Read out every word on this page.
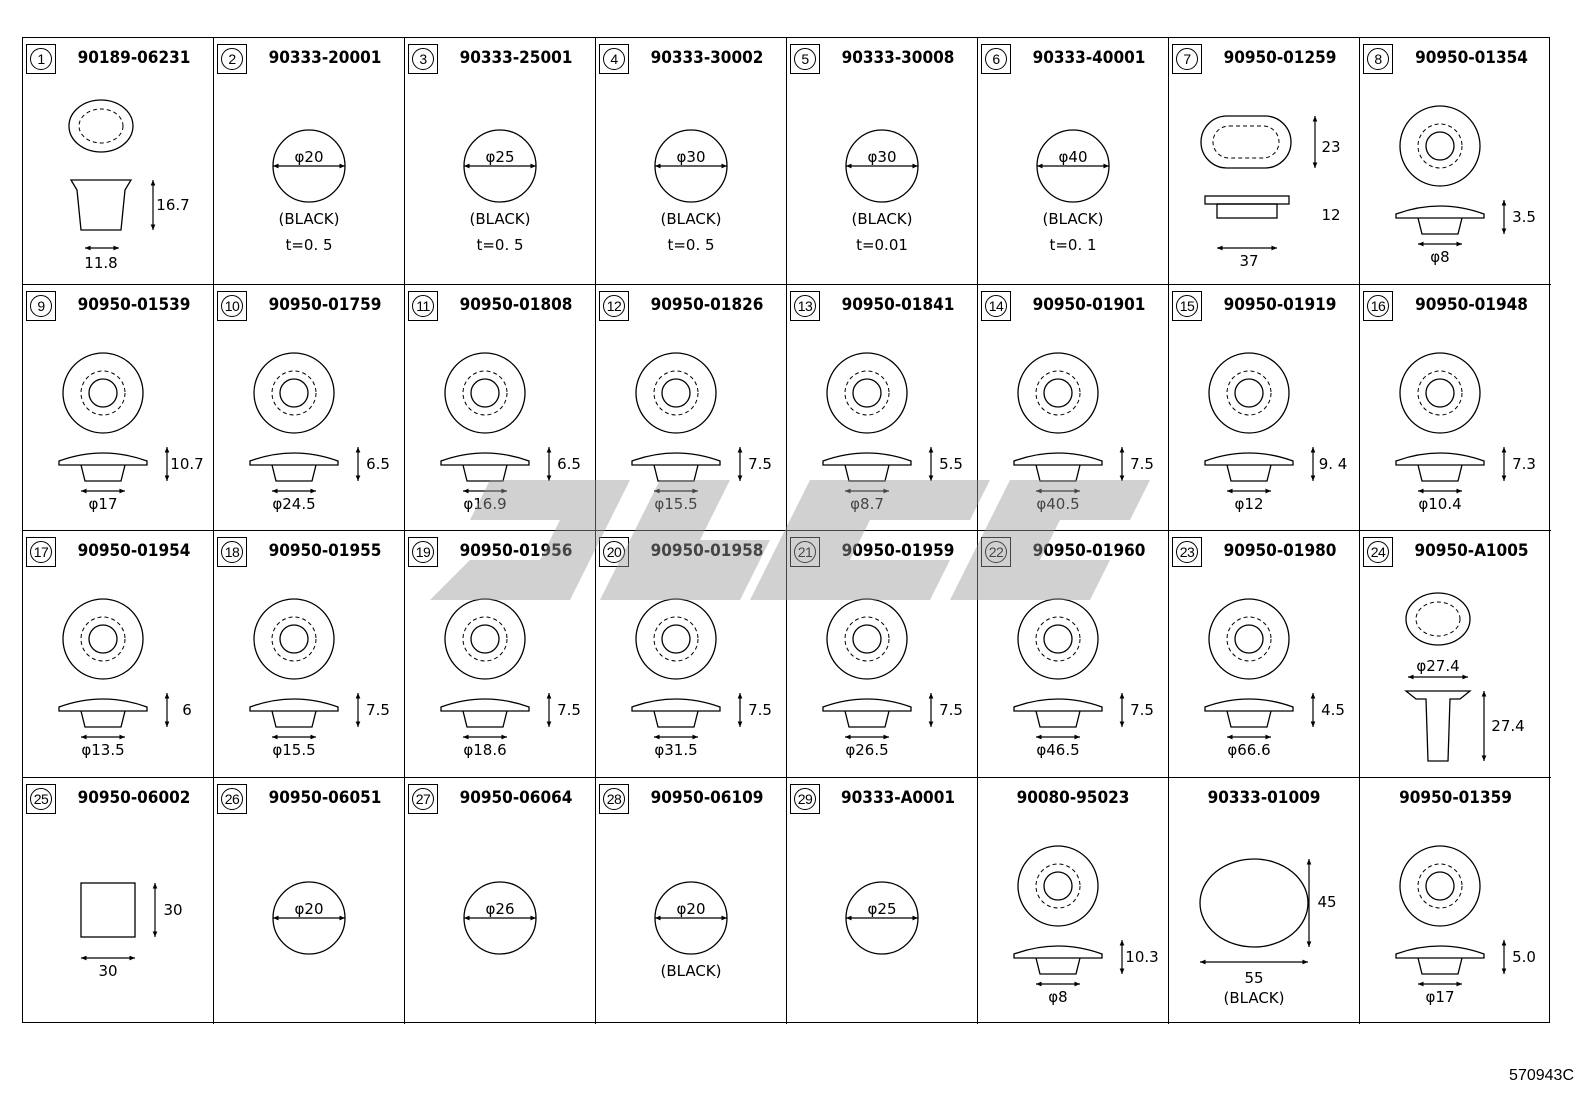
1	90189-06231
16.7
11.8
2	90333-20001
φ20
(BLACK)
t=0. 5
3	90333-25001
φ25
(BLACK)
t=0. 5
4	90333-30002
φ30
(BLACK)
t=0. 5
5	90333-30008
φ30
(BLACK)
t=0.01
6	90333-40001
φ40
(BLACK)
t=0. 1
7	90950-01259
23
12
37
8	90950-01354
3.5
φ8
9	90950-01539
10.7
φ17
10	90950-01759
6.5
φ24.5
11	90950-01808
6.5
φ16.9
12	90950-01826
7.5
φ15.5
13	90950-01841
5.5
φ8.7
14	90950-01901
7.5
φ40.5
15	90950-01919
9. 4
φ12
16	90950-01948
7.3
φ10.4
17	90950-01954
6
φ13.5
18	90950-01955
7.5
φ15.5
19	90950-01956
7.5
φ18.6
20	90950-01958
7.5
φ31.5
21	90950-01959
7.5
φ26.5
22	90950-01960
7.5
φ46.5
23	90950-01980
4.5
φ66.6
24	90950-A1005
φ27.4
27.4
25	90950-06002
30
30
26	90950-06051
φ20
27	90950-06064
φ26
28	90950-06109
φ20
(BLACK)
29	90333-A0001
φ25
90080-95023
10.3
φ8
90333-01009
45
55
(BLACK)
90950-01359
5.0
φ17
570943C
